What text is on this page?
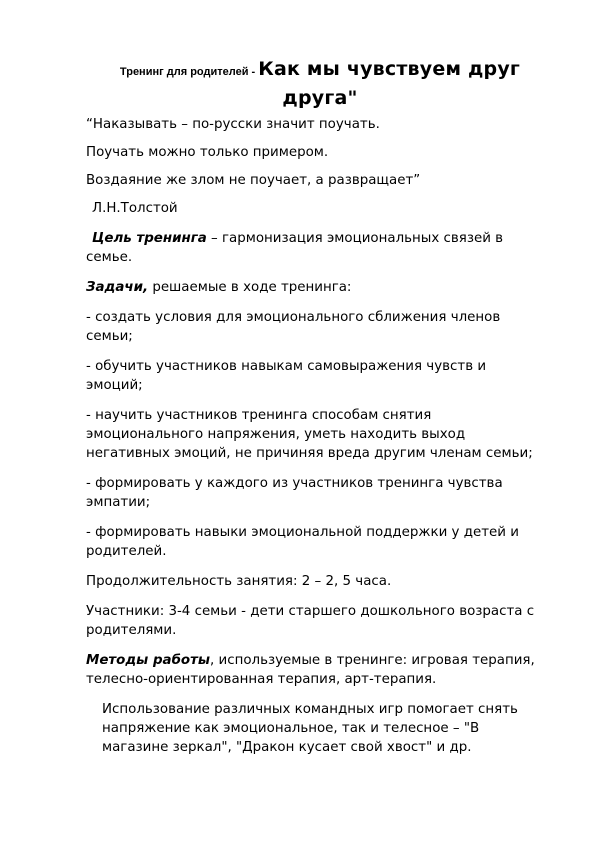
Тренинг для родителей - Как мы чувствуем друг друга"

“Наказывать – по-русски значит поучать.

Поучать можно только примером.

Воздаяние же злом не поучает, а развращает”

Л.Н.Толстой

Цель тренинга – гармонизация эмоциональных связей в семье.

Задачи, решаемые в ходе тренинга:

- создать условия для эмоционального сближения членов семьи;

- обучить участников навыкам самовыражения чувств и эмоций;

- научить участников тренинга способам снятия эмоционального напряжения, уметь находить выход негативных эмоций, не причиняя вреда другим членам семьи;

- формировать у каждого из участников тренинга чувства эмпатии;

- формировать навыки эмоциональной поддержки у детей и родителей.

Продолжительность занятия: 2 – 2, 5 часа.

Участники: 3-4 семьи - дети старшего дошкольного возраста с родителями.

Методы работы, используемые в тренинге: игровая терапия, телесно-ориентированная терапия, арт-терапия.

Использование различных командных игр помогает снять напряжение как эмоциональное, так и телесное – "В магазине зеркал", "Дракон кусает свой хвост" и др.
